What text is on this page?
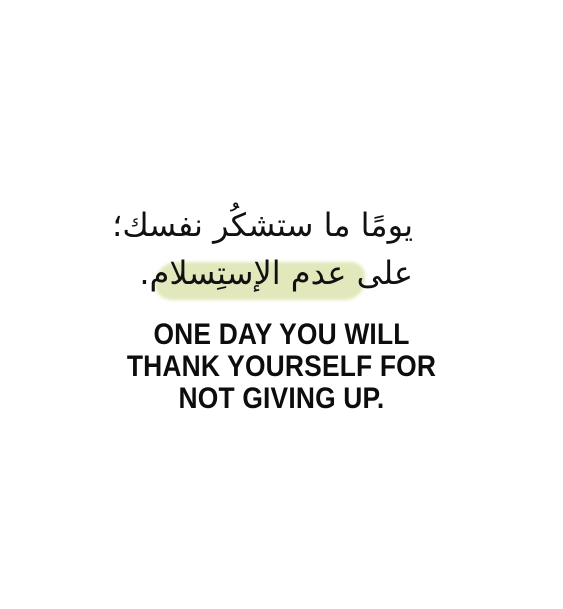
يومًا ما ستشكُر نفسك؛
على عدم الإستِسلام.
ONE DAY YOU WILL
THANK YOURSELF FOR
NOT GIVING UP.
